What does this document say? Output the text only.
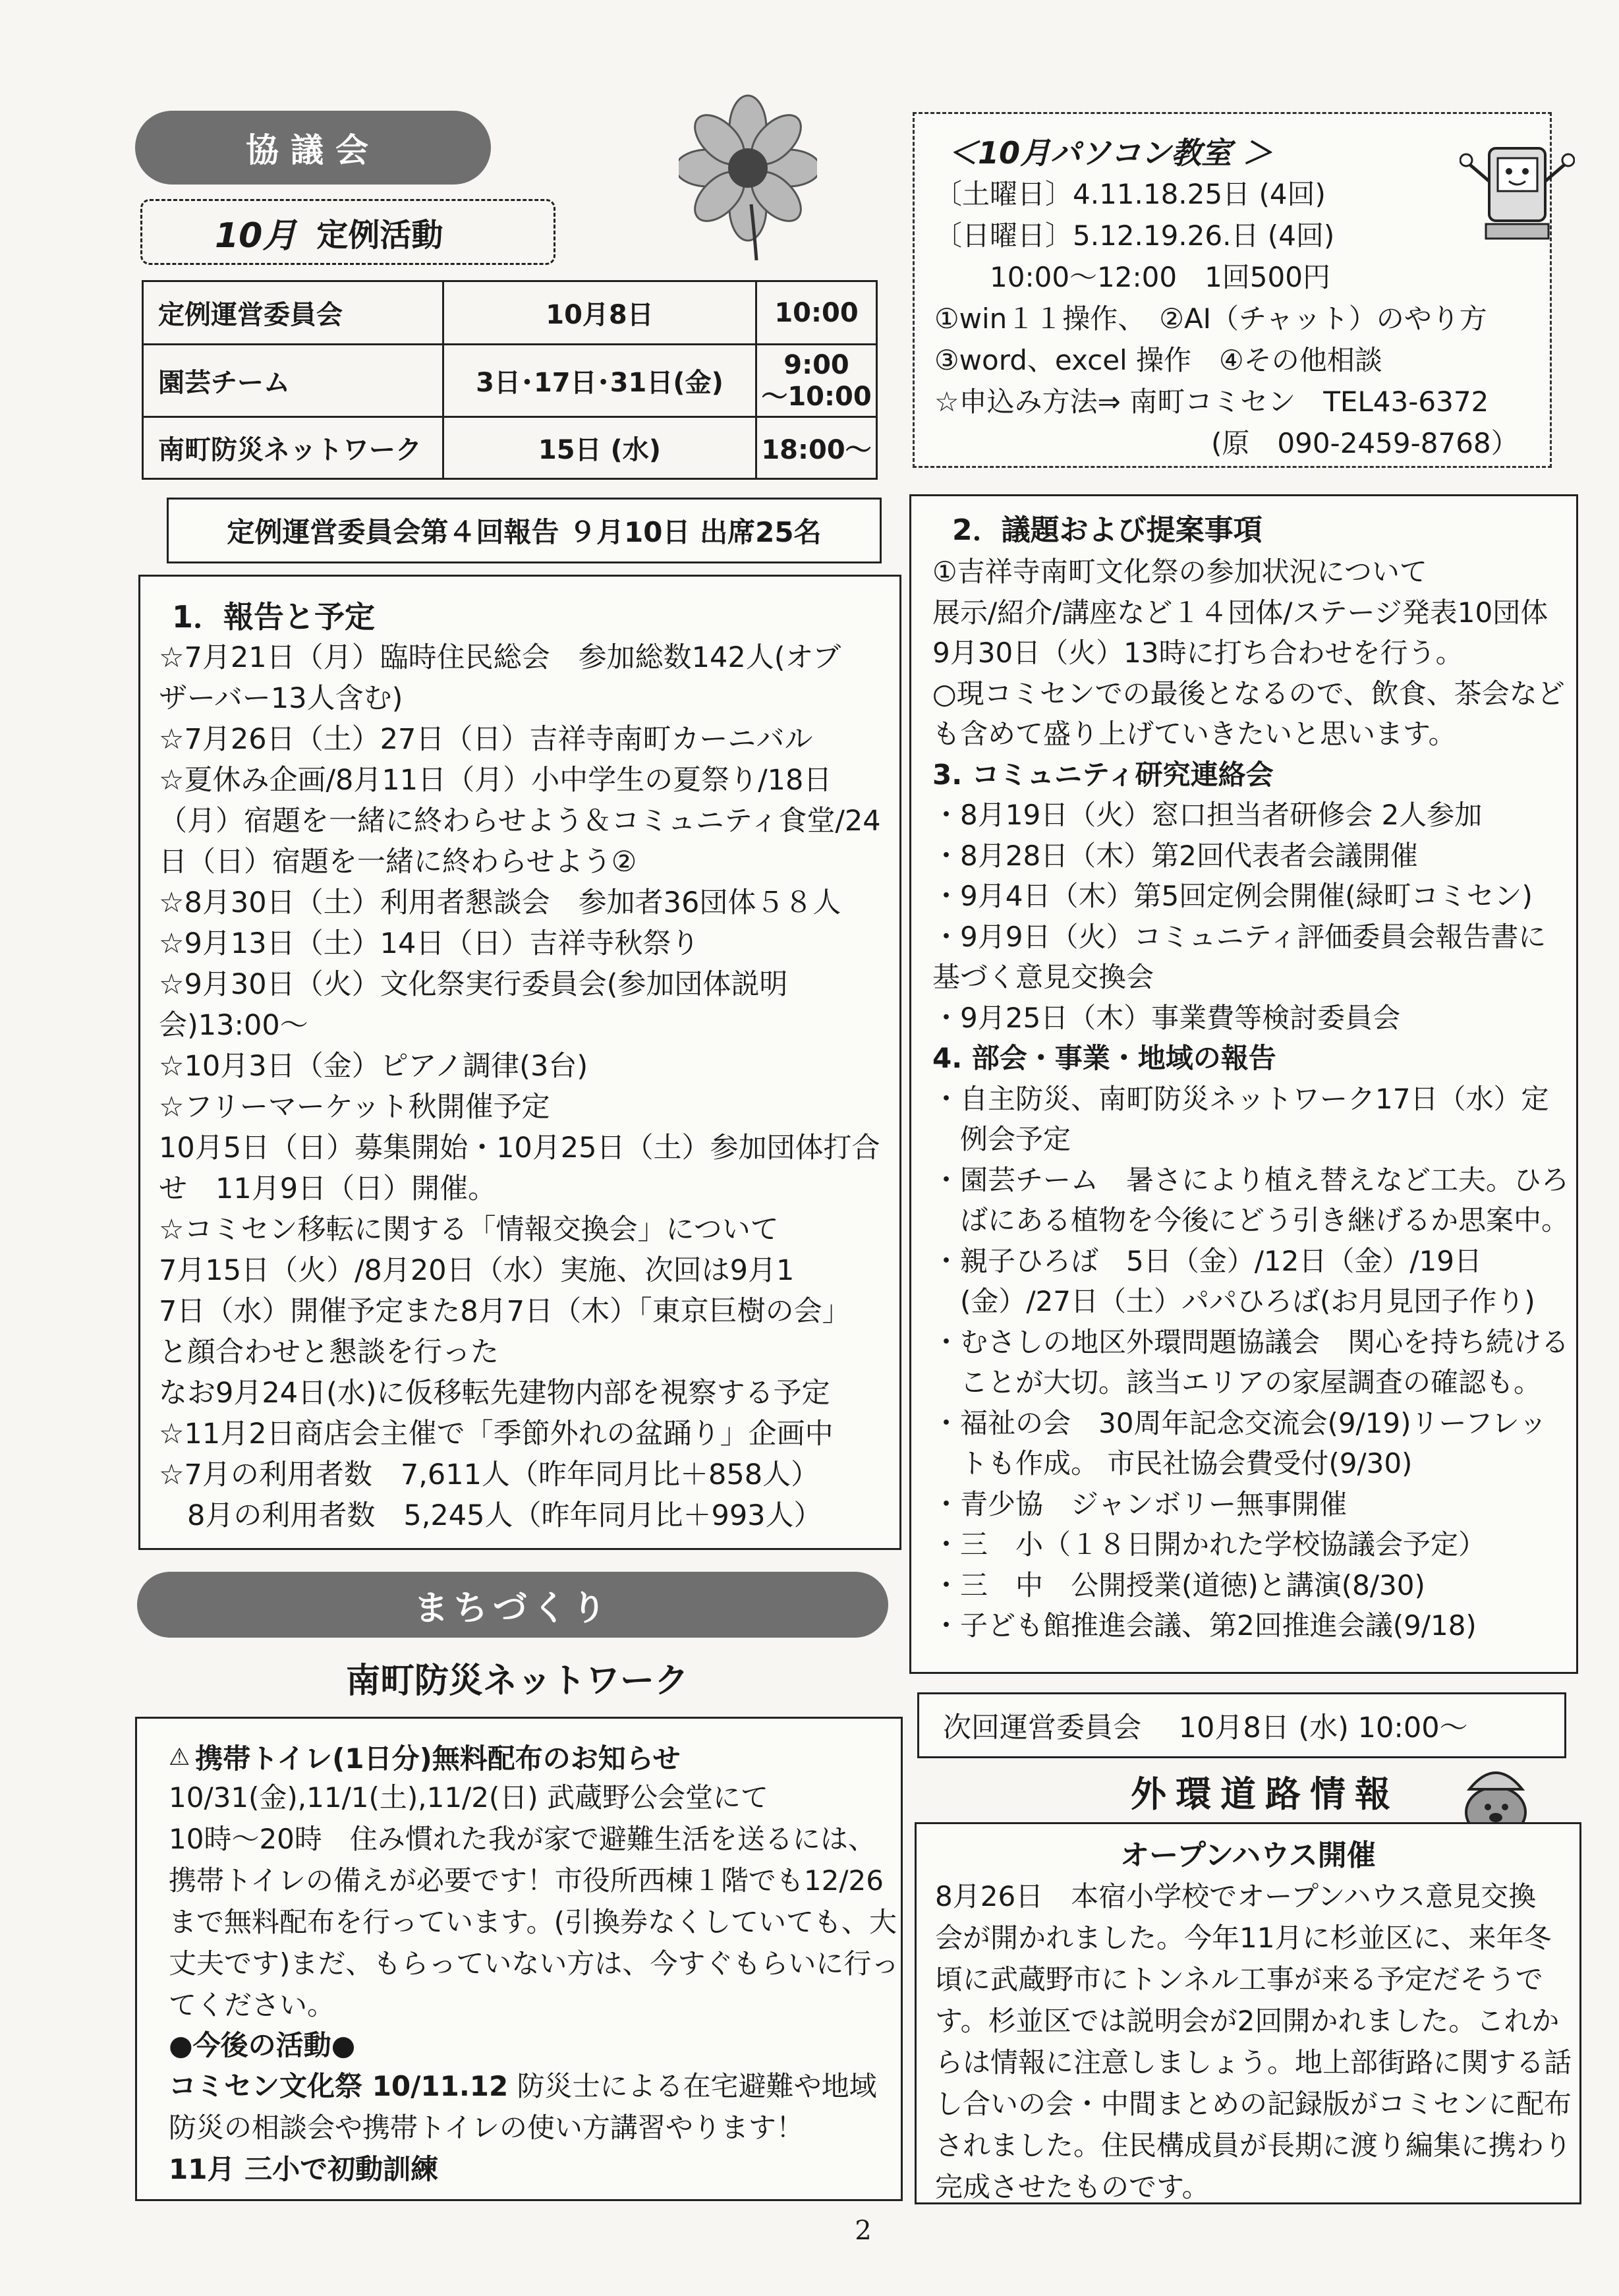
協議会
10月 定例活動
定例運営委員会	10月8日	10:00
園芸チーム	3日･17日･31日(金)	9:00
～10:00

南町防災ネットワーク	15日 (水)	18:00～
定例運営委員会第４回報告 ９月10日 出席25名
1．報告と予定
☆7月21日（月）臨時住民総会　参加総数142人(オブ
ザーバー13人含む)
☆7月26日（土）27日（日）吉祥寺南町カーニバル
☆夏休み企画/8月11日（月）小中学生の夏祭り/18日
（月）宿題を一緒に終わらせよう＆コミュニティ食堂/24
日（日）宿題を一緒に終わらせよう②
☆8月30日（土）利用者懇談会　参加者36団体５８人
☆9月13日（土）14日（日）吉祥寺秋祭り
☆9月30日（火）文化祭実行委員会(参加団体説明
会)13:00～
☆10月3日（金）ピアノ調律(3台)
☆フリーマーケット秋開催予定
10月5日（日）募集開始・10月25日（土）参加団体打合
せ　11月9日（日）開催。
☆コミセン移転に関する「情報交換会」について
7月15日（火）/8月20日（水）実施、次回は9月1
7日（水）開催予定また8月7日（木）「東京巨樹の会」
と顔合わせと懇談を行った
なお9月24日(水)に仮移転先建物内部を視察する予定
☆11月2日商店会主催で「季節外れの盆踊り」企画中
☆7月の利用者数　7,611人（昨年同月比＋858人）
　8月の利用者数　5,245人（昨年同月比＋993人）
＜10月パソコン教室 ＞
〔土曜日〕4.11.18.25日 (4回)
〔日曜日〕5.12.19.26.日 (4回)
　　10:00～12:00　1回500円
①win１１操作、　②AI（チャット）のやり方
③word、excel 操作　④その他相談
☆申込み方法⇒ 南町コミセン　TEL43-6372
　　　　　　　　　　(原　090-2459-8768）
2．議題および提案事項
①吉祥寺南町文化祭の参加状況について
展示/紹介/講座など１４団体/ステージ発表10団体
9月30日（火）13時に打ち合わせを行う。
○現コミセンでの最後となるので、飲食、茶会など
も含めて盛り上げていきたいと思います。
3. コミュニティ研究連絡会
・8月19日（火）窓口担当者研修会 2人参加
・8月28日（木）第2回代表者会議開催
・9月4日（木）第5回定例会開催(緑町コミセン)
・9月9日（火）コミュニティ評価委員会報告書に
基づく意見交換会
・9月25日（木）事業費等検討委員会
4. 部会・事業・地域の報告
・自主防災、南町防災ネットワーク17日（水）定
　例会予定
・園芸チーム　暑さにより植え替えなど工夫。ひろ
　ばにある植物を今後にどう引き継げるか思案中。
・親子ひろば　5日（金）/12日（金）/19日
　(金）/27日（土）パパひろば(お月見団子作り)
・むさしの地区外環問題協議会　関心を持ち続ける
　ことが大切。該当エリアの家屋調査の確認も。
・福祉の会　30周年記念交流会(9/19)リーフレッ
　トも作成。 市民社協会費受付(9/30)
・青少協　ジャンボリー無事開催
・三　小（１８日開かれた学校協議会予定）
・三　中　公開授業(道徳)と講演(8/30)
・子ども館推進会議、第2回推進会議(9/18)
次回運営委員会　 10月8日 (水) 10:00～
外環道路情報
オープンハウス開催
8月26日　本宿小学校でオープンハウス意見交換
会が開かれました。今年11月に杉並区に、来年冬
頃に武蔵野市にトンネル工事が来る予定だそうで
す。杉並区では説明会が2回開かれました。これか
らは情報に注意しましょう。地上部街路に関する話
し合いの会・中間まとめの記録版がコミセンに配布
されました。住民構成員が長期に渡り編集に携わり
完成させたものです。
まちづくり
南町防災ネットワーク
⚠ 携帯トイレ(1日分)無料配布のお知らせ
10/31(金),11/1(土),11/2(日) 武蔵野公会堂にて
10時～20時　住み慣れた我が家で避難生活を送るには、
携帯トイレの備えが必要です！市役所西棟１階でも12/26
まで無料配布を行っています。(引換券なくしていても、大
丈夫です)まだ、もらっていない方は、今すぐもらいに行っ
てください。
●今後の活動●
コミセン文化祭 10/11.12 防災士による在宅避難や地域
防災の相談会や携帯トイレの使い方講習やります！
11月 三小で初動訓練
2
